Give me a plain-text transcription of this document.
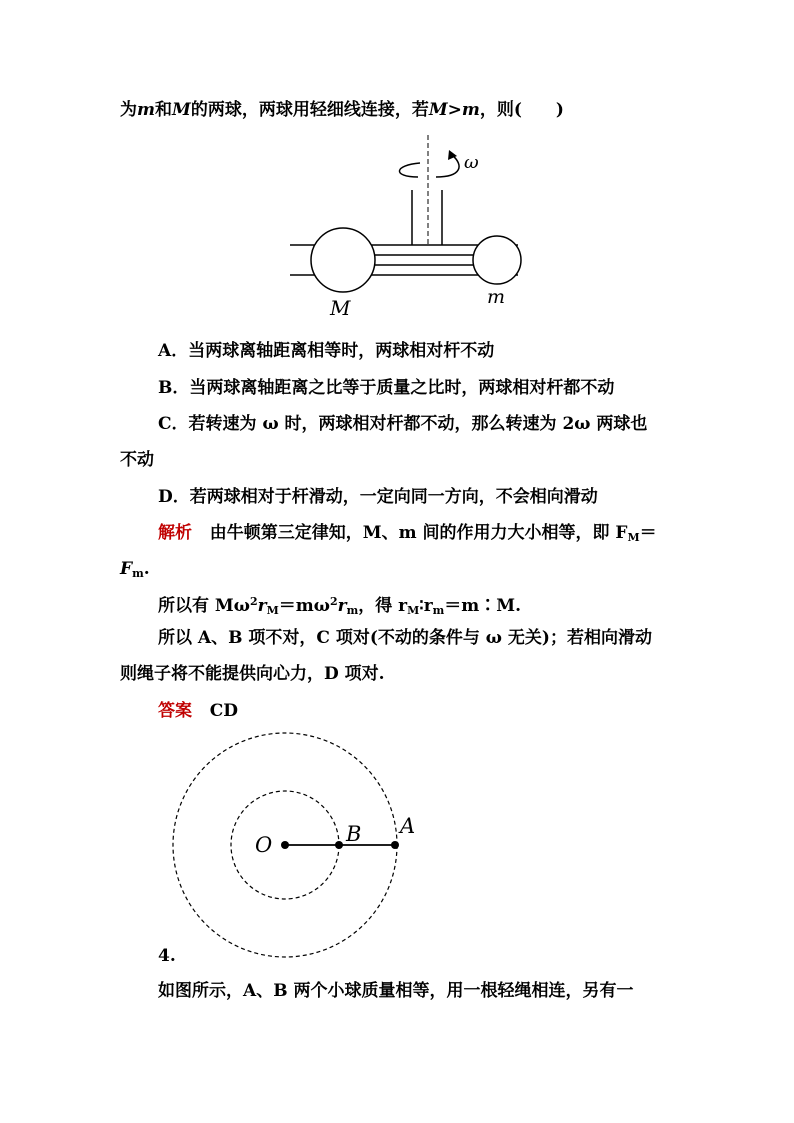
为m和M的两球，两球用轻细线连接，若M>m，则(　　)
ω
M	m
A．当两球离轴距离相等时，两球相对杆不动
B．当两球离轴距离之比等于质量之比时，两球相对杆都不动
C．若转速为 ω 时，两球相对杆都不动，那么转速为 2ω 两球也
不动
D．若两球相对于杆滑动，一定向同一方向，不会相向滑动
解析 由牛顿第三定律知，M、m 间的作用力大小相等，即 $F_M=$
$F_m$.
所以有 $M\omega^2r_M=m\omega^2r_m$，得 $r_M∶r_m=m∶M$.
所以 A、B 项不对，C 项对(不动的条件与 ω 无关)；若相向滑动
则绳子将不能提供向心力，D 项对.
答案 CD
O	B A
4.
如图所示，A、B 两个小球质量相等，用一根轻绳相连，另有一
